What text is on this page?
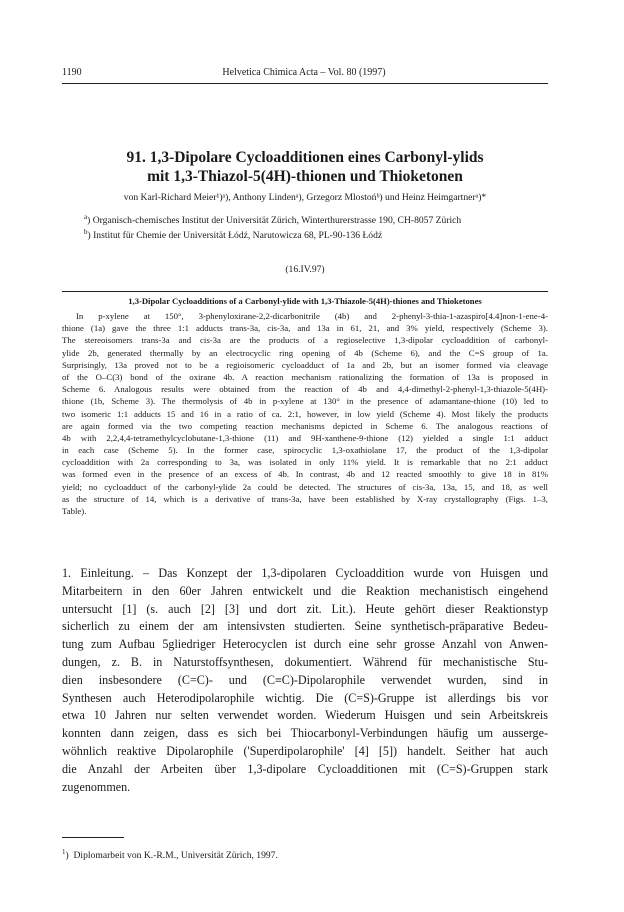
1190	Helvetica Chimica Acta – Vol. 80 (1997)
91. 1,3-Dipolare Cycloadditionen eines Carbonyl-ylids
mit 1,3-Thiazol-5(4H)-thionen und Thioketonen
von Karl-Richard Meier¹)ᵃ), Anthony Lindenᵃ), Grzegorz Mlostońᵇ) und Heinz Heimgartnerᵃ)*
$^a$) Organisch-chemisches Institut der Universität Zürich, Winterthurerstrasse 190, CH-8057 Zürich
$^b$) Institut für Chemie der Universität Łódź, Narutowicza 68, PL-90-136 Łódź
(16.IV.97)
1,3-Dipolar Cycloadditions of a Carbonyl-ylide with 1,3-Thiazole-5(4H)-thiones and Thioketones
In p-xylene at 150°, 3-phenyloxirane-2,2-dicarbonitrile (4b) and 2-phenyl-3-thia-1-azaspiro[4.4]non-1-ene-4-
thione (1a) gave the three 1:1 adducts trans-3a, cis-3a, and 13a in 61, 21, and 3% yield, respectively (Scheme 3).
The stereoisomers trans-3a and cis-3a are the products of a regioselective 1,3-dipolar cycloaddition of carbonyl-
ylide 2b, generated thermally by an electrocyclic ring opening of 4b (Scheme 6), and the C=S group of 1a.
Surprisingly, 13a proved not to be a regioisomeric cycloadduct of 1a and 2b, but an isomer formed via cleavage
of the O–C(3) bond of the oxirane 4b. A reaction mechanism rationalizing the formation of 13a is proposed in
Scheme 6. Analogous results were obtained from the reaction of 4b and 4,4-dimethyl-2-phenyl-1,3-thiazole-5(4H)-
thione (1b, Scheme 3). The thermolysis of 4b in p-xylene at 130° in the presence of adamantane-thione (10) led to
two isomeric 1:1 adducts 15 and 16 in a ratio of ca. 2:1, however, in low yield (Scheme 4). Most likely the products
are again formed via the two competing reaction mechanisms depicted in Scheme 6. The analogous reactions of
4b with 2,2,4,4-tetramethylcyclobutane-1,3-thione (11) and 9H-xanthene-9-thione (12) yielded a single 1:1 adduct
in each case (Scheme 5). In the former case, spirocyclic 1,3-oxathiolane 17, the product of the 1,3-dipolar
cycloaddition with 2a corresponding to 3a, was isolated in only 11% yield. It is remarkable that no 2:1 adduct
was formed even in the presence of an excess of 4b. In contrast, 4b and 12 reacted smoothly to give 18 in 81%
yield; no cycloadduct of the carbonyl-ylide 2a could be detected. The structures of cis-3a, 13a, 15, and 18, as well
as the structure of 14, which is a derivative of trans-3a, have been established by X-ray crystallography (Figs. 1–3,
Table).
1. Einleitung. – Das Konzept der 1,3-dipolaren Cycloaddition wurde von Huisgen und
Mitarbeitern in den 60er Jahren entwickelt und die Reaktion mechanistisch eingehend
untersucht [1] (s. auch [2] [3] und dort zit. Lit.). Heute gehört dieser Reaktionstyp
sicherlich zu einem der am intensivsten studierten. Seine synthetisch-präparative Bedeu-
tung zum Aufbau 5gliedriger Heterocyclen ist durch eine sehr grosse Anzahl von Anwen-
dungen, z. B. in Naturstoffsynthesen, dokumentiert. Während für mechanistische Stu-
dien insbesondere (C=C)- und (C≡C)-Dipolarophile verwendet wurden, sind in
Synthesen auch Heterodipolarophile wichtig. Die (C=S)-Gruppe ist allerdings bis vor
etwa 10 Jahren nur selten verwendet worden. Wiederum Huisgen und sein Arbeitskreis
konnten dann zeigen, dass es sich bei Thiocarbonyl-Verbindungen häufig um ausserge-
wöhnlich reaktive Dipolarophile ('Superdipolarophile' [4] [5]) handelt. Seither hat auch
die Anzahl der Arbeiten über 1,3-dipolare Cycloadditionen mit (C=S)-Gruppen stark
zugenommen.
$^1$)  Diplomarbeit von K.-R.M., Universität Zürich, 1997.
